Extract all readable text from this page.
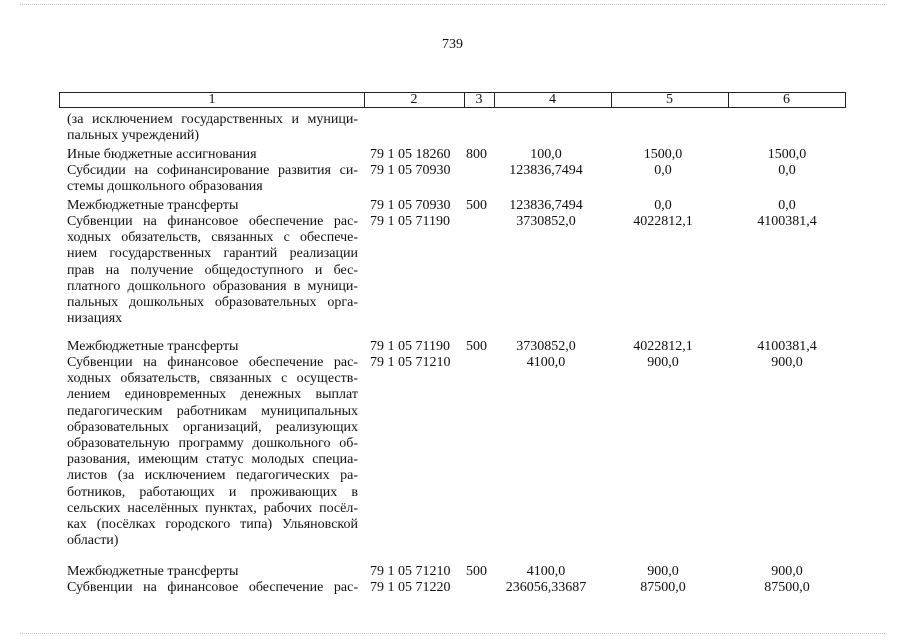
739
1	2	3	4	5	6
(за исключением государственных и муници-
пальных учреждений)
Иные бюджетные ассигнования	79 1 05 18260 800	100,0	1500,0	1500,0
Субсидии на софинансирование развития си-
стемы дошкольного образования
79 1 05 70930	123836,7494	0,0	0,0
Межбюджетные трансферты	79 1 05 70930 500	123836,7494	0,0	0,0
Субвенции на финансовое обеспечение рас-
ходных обязательств, связанных с обеспече-
нием государственных гарантий реализации
прав на получение общедоступного и бес-
платного дошкольного образования в муници-
пальных дошкольных образовательных орга-
низациях
79 1 05 71190	3730852,0	4022812,1	4100381,4
Межбюджетные трансферты	79 1 05 71190 500	3730852,0	4022812,1	4100381,4
Субвенции на финансовое обеспечение рас-
ходных обязательств, связанных с осуществ-
лением единовременных денежных выплат
педагогическим работникам муниципальных
образовательных организаций, реализующих
образовательную программу дошкольного об-
разования, имеющим статус молодых специа-
листов (за исключением педагогических ра-
ботников, работающих и проживающих в
сельских населённых пунктах, рабочих посёл-
ках (посёлках городского типа) Ульяновской
области)
79 1 05 71210	4100,0	900,0	900,0
Межбюджетные трансферты	79 1 05 71210 500	4100,0	900,0	900,0
Субвенции на финансовое обеспечение рас- 79 1 05 71220	236056,33687	87500,0	87500,0
